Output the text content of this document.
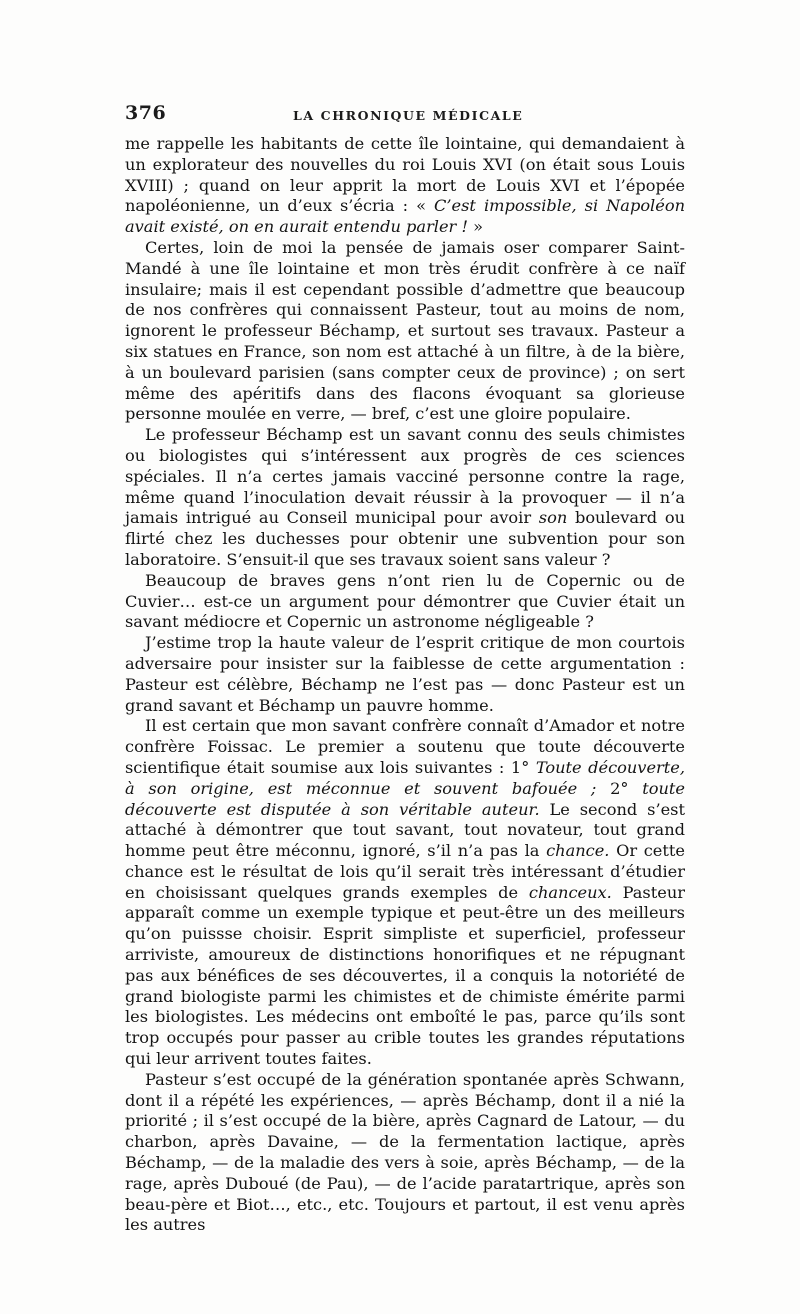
376	LA CHRONIQUE MÉDICALE

me rappelle les habitants de cette île lointaine, qui demandaient à un explorateur des nouvelles du roi Louis XVI (on était sous Louis XVIII) ; quand on leur apprit la mort de Louis XVI et l’épopée napoléonienne, un d’eux s’écria : « C’est impossible, si Napoléon avait existé, on en aurait entendu parler ! »

Certes, loin de moi la pensée de jamais oser comparer Saint-Mandé à une île lointaine et mon très érudit confrère à ce naïf insulaire; mais il est cependant possible d’admettre que beaucoup de nos confrères qui connaissent Pasteur, tout au moins de nom, ignorent le professeur Béchamp, et surtout ses travaux. Pasteur a six statues en France, son nom est attaché à un filtre, à de la bière, à un boulevard parisien (sans compter ceux de province) ; on sert même des apéritifs dans des flacons évoquant sa glorieuse personne moulée en verre, — bref, c’est une gloire populaire.

Le professeur Béchamp est un savant connu des seuls chimistes ou biologistes qui s’intéressent aux progrès de ces sciences spéciales. Il n’a certes jamais vacciné personne contre la rage, même quand l’inoculation devait réussir à la provoquer — il n’a jamais intrigué au Conseil municipal pour avoir son boulevard ou flirté chez les duchesses pour obtenir une subvention pour son laboratoire. S’ensuit-il que ses travaux soient sans valeur ?

Beaucoup de braves gens n’ont rien lu de Copernic ou de Cuvier… est-ce un argument pour démontrer que Cuvier était un savant médiocre et Copernic un astronome négligeable ?

J’estime trop la haute valeur de l’esprit critique de mon courtois adversaire pour insister sur la faiblesse de cette argumentation : Pasteur est célèbre, Béchamp ne l’est pas — donc Pasteur est un grand savant et Béchamp un pauvre homme.

Il est certain que mon savant confrère connaît d’Amador et notre confrère Foissac. Le premier a soutenu que toute découverte scientifique était soumise aux lois suivantes : 1° Toute découverte, à son origine, est méconnue et souvent bafouée ; 2° toute découverte est disputée à son véritable auteur. Le second s’est attaché à démontrer que tout savant, tout novateur, tout grand homme peut être méconnu, ignoré, s’il n’a pas la chance. Or cette chance est le résultat de lois qu’il serait très intéressant d’étudier en choisissant quelques grands exemples de chanceux. Pasteur apparaît comme un exemple typique et peut-être un des meilleurs qu’on puissse choisir. Esprit simpliste et superficiel, professeur arriviste, amoureux de distinctions honorifiques et ne répugnant pas aux bénéfices de ses découvertes, il a conquis la notoriété de grand biologiste parmi les chimistes et de chimiste émérite parmi les biologistes. Les médecins ont emboîté le pas, parce qu’ils sont trop occupés pour passer au crible toutes les grandes réputations qui leur arrivent toutes faites.

Pasteur s’est occupé de la génération spontanée après Schwann, dont il a répété les expériences, — après Béchamp, dont il a nié la priorité ; il s’est occupé de la bière, après Cagnard de Latour, — du charbon, après Davaine, — de la fermentation lactique, après Béchamp, — de la maladie des vers à soie, après Béchamp, — de la rage, après Duboué (de Pau), — de l’acide paratartrique, après son beau-père et Biot…, etc., etc. Toujours et partout, il est venu après les autres
